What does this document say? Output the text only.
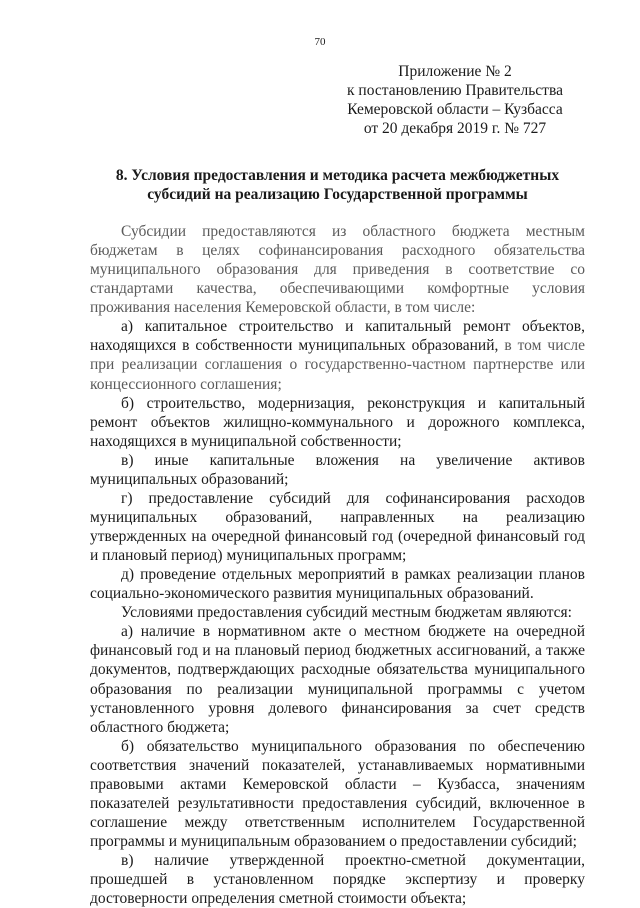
70
Приложение № 2
к постановлению Правительства
Кемеровской области – Кузбасса
от 20 декабря 2019 г. № 727
8. Условия предоставления и методика расчета межбюджетных
субсидий на реализацию Государственной программы

Субсидии предоставляются из областного бюджета местным бюджетам в целях софинансирования расходного обязательства муниципального образования для приведения в соответствие со стандартами качества, обеспечивающими комфортные условия проживания населения Кемеровской области, в том числе:

а) капитальное строительство и капитальный ремонт объектов, находящихся в собственности муниципальных образований, в том числе при реализации соглашения о государственно-частном партнерстве или концессионного соглашения;

б) строительство, модернизация, реконструкция и капитальный ремонт объектов жилищно-коммунального и дорожного комплекса, находящихся в муниципальной собственности;

в) иные капитальные вложения на увеличение активов муниципальных образований;

г) предоставление субсидий для софинансирования расходов муниципальных образований, направленных на реализацию утвержденных на очередной финансовый год (очередной финансовый год и плановый период) муниципальных программ;

д) проведение отдельных мероприятий в рамках реализации планов социально-экономического развития муниципальных образований.

Условиями предоставления субсидий местным бюджетам являются:

а) наличие в нормативном акте о местном бюджете на очередной финансовый год и на плановый период бюджетных ассигнований, а также документов, подтверждающих расходные обязательства муниципального образования по реализации муниципальной программы с учетом установленного уровня долевого финансирования за счет средств областного бюджета;

б) обязательство муниципального образования по обеспечению соответствия значений показателей, устанавливаемых нормативными правовыми актами Кемеровской области – Кузбасса, значениям показателей результативности предоставления субсидий, включенное в соглашение между ответственным исполнителем Государственной программы и муниципальным образованием о предоставлении субсидий;

в) наличие утвержденной проектно-сметной документации, прошедшей в установленном порядке экспертизу и проверку достоверности определения сметной стоимости объекта;
